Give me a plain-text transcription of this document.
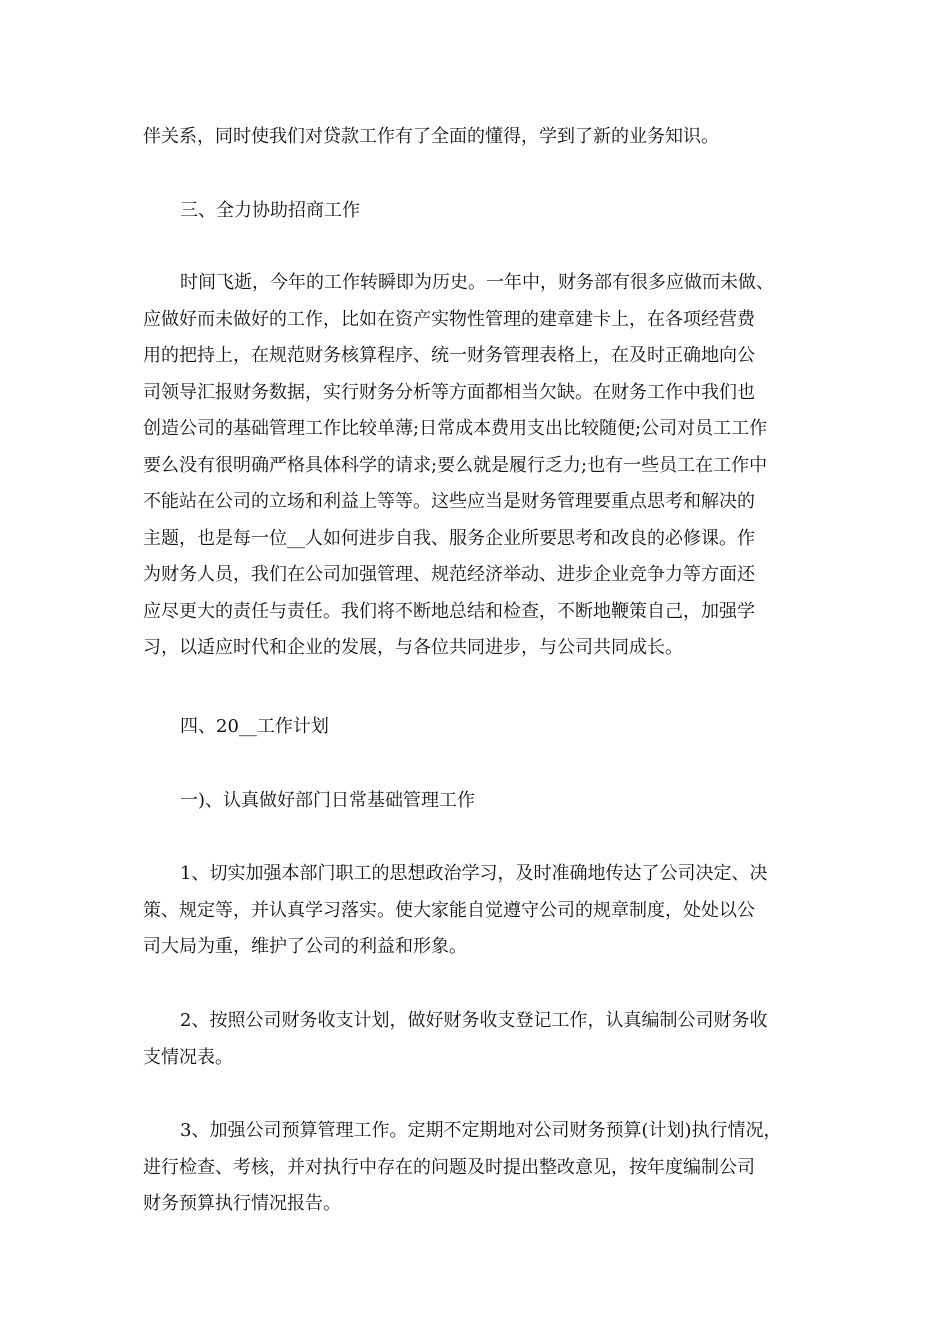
伴关系，同时使我们对贷款工作有了全面的懂得，学到了新的业务知识。
三、全力协助招商工作
时间飞逝，今年的工作转瞬即为历史。一年中，财务部有很多应做而未做、
应做好而未做好的工作，比如在资产实物性管理的建章建卡上，在各项经营费
用的把持上，在规范财务核算程序、统一财务管理表格上，在及时正确地向公
司领导汇报财务数据，实行财务分析等方面都相当欠缺。在财务工作中我们也
创造公司的基础管理工作比较单薄;日常成本费用支出比较随便;公司对员工工作
要么没有很明确严格具体科学的请求;要么就是履行乏力;也有一些员工在工作中
不能站在公司的立场和利益上等等。这些应当是财务管理要重点思考和解决的
主题，也是每一位__人如何进步自我、服务企业所要思考和改良的必修课。作
为财务人员，我们在公司加强管理、规范经济举动、进步企业竞争力等方面还
应尽更大的责任与责任。我们将不断地总结和检查，不断地鞭策自己，加强学
习，以适应时代和企业的发展，与各位共同进步，与公司共同成长。
四、20__工作计划
一)、认真做好部门日常基础管理工作
1、切实加强本部门职工的思想政治学习，及时准确地传达了公司决定、决
策、规定等，并认真学习落实。使大家能自觉遵守公司的规章制度，处处以公
司大局为重，维护了公司的利益和形象。
2、按照公司财务收支计划，做好财务收支登记工作，认真编制公司财务收
支情况表。
3、加强公司预算管理工作。定期不定期地对公司财务预算(计划)执行情况，
进行检查、考核，并对执行中存在的问题及时提出整改意见，按年度编制公司
财务预算执行情况报告。
